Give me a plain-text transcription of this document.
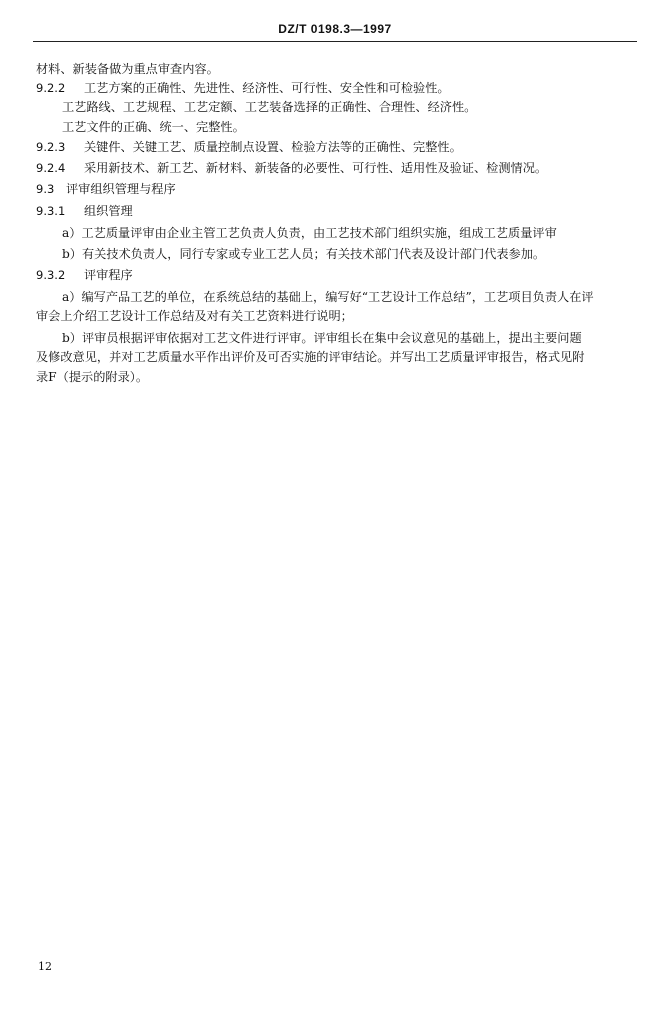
DZ/T 0198.3—1997
材料、新装备做为重点审查内容。
9.2.2 工艺方案的正确性、先进性、经济性、可行性、安全性和可检验性。
工艺路线、工艺规程、工艺定额、工艺装备选择的正确性、合理性、经济性。
工艺文件的正确、统一、完整性。
9.2.3 关键件、关键工艺、质量控制点设置、检验方法等的正确性、完整性。
9.2.4 采用新技术、新工艺、新材料、新装备的必要性、可行性、适用性及验证、检测情况。
9.3 评审组织管理与程序
9.3.1 组织管理
a）工艺质量评审由企业主管工艺负责人负责，由工艺技术部门组织实施，组成工艺质量评审
b）有关技术负责人，同行专家或专业工艺人员；有关技术部门代表及设计部门代表参加。
9.3.2 评审程序
a）编写产品工艺的单位，在系统总结的基础上，编写好“工艺设计工作总结”，工艺项目负责人在评
审会上介绍工艺设计工作总结及对有关工艺资料进行说明；
b）评审员根据评审依据对工艺文件进行评审。评审组长在集中会议意见的基础上，提出主要问题
及修改意见，并对工艺质量水平作出评价及可否实施的评审结论。并写出工艺质量评审报告，格式见附
录F（提示的附录）。
12
